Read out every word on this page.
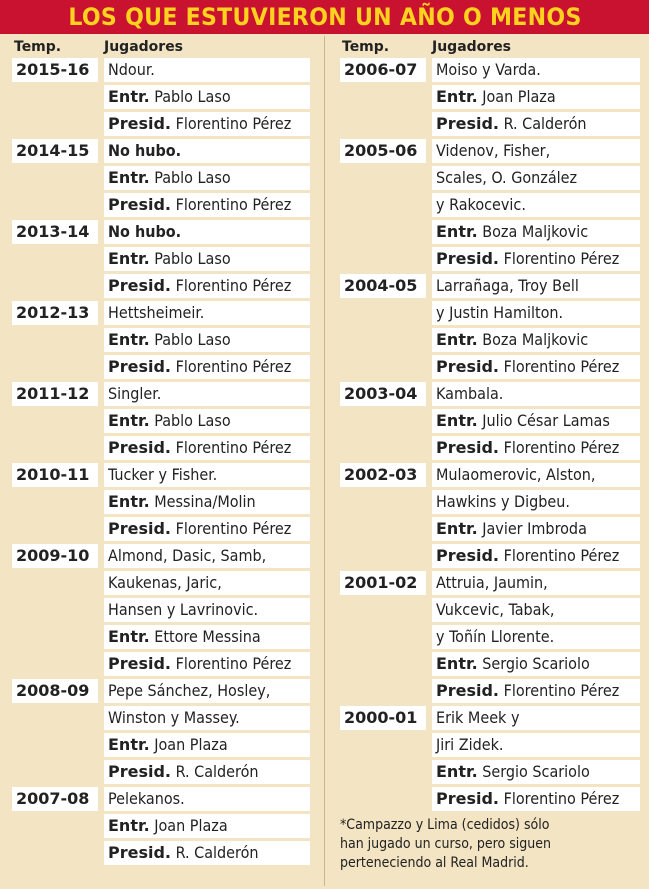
LOS QUE ESTUVIERON UN AÑO O MENOS
Temp.	Jugadores
2015-16	Ndour.
Entr. Pablo Laso
Presid. Florentino Pérez
2014-15	No hubo.
Entr. Pablo Laso
Presid. Florentino Pérez
2013-14	No hubo.
Entr. Pablo Laso
Presid. Florentino Pérez
2012-13	Hettsheimeir.
Entr. Pablo Laso
Presid. Florentino Pérez
2011-12	Singler.
Entr. Pablo Laso
Presid. Florentino Pérez
2010-11	Tucker y Fisher.
Entr. Messina/Molin
Presid. Florentino Pérez
2009-10	Almond, Dasic, Samb,
Kaukenas, Jaric,
Hansen y Lavrinovic.
Entr. Ettore Messina
Presid. Florentino Pérez
2008-09	Pepe Sánchez, Hosley,
Winston y Massey.
Entr. Joan Plaza
Presid. R. Calderón
2007-08	Pelekanos.
Entr. Joan Plaza
Presid. R. Calderón
Temp.	Jugadores
2006-07	Moiso y Varda.
Entr. Joan Plaza
Presid. R. Calderón
2005-06	Videnov, Fisher,
Scales, O. González
y Rakocevic.
Entr. Boza Maljkovic
Presid. Florentino Pérez
2004-05	Larrañaga, Troy Bell
y Justin Hamilton.
Entr. Boza Maljkovic
Presid. Florentino Pérez
2003-04	Kambala.
Entr. Julio César Lamas
Presid. Florentino Pérez
2002-03	Mulaomerovic, Alston,
Hawkins y Digbeu.
Entr. Javier Imbroda
Presid. Florentino Pérez
2001-02	Attruia, Jaumin,
Vukcevic, Tabak,
y Toñín Llorente.
Entr. Sergio Scariolo
Presid. Florentino Pérez
2000-01	Erik Meek y
Jiri Zidek.
Entr. Sergio Scariolo
Presid. Florentino Pérez
*Campazzo y Lima (cedidos) sólo
han jugado un curso, pero siguen
perteneciendo al Real Madrid.
